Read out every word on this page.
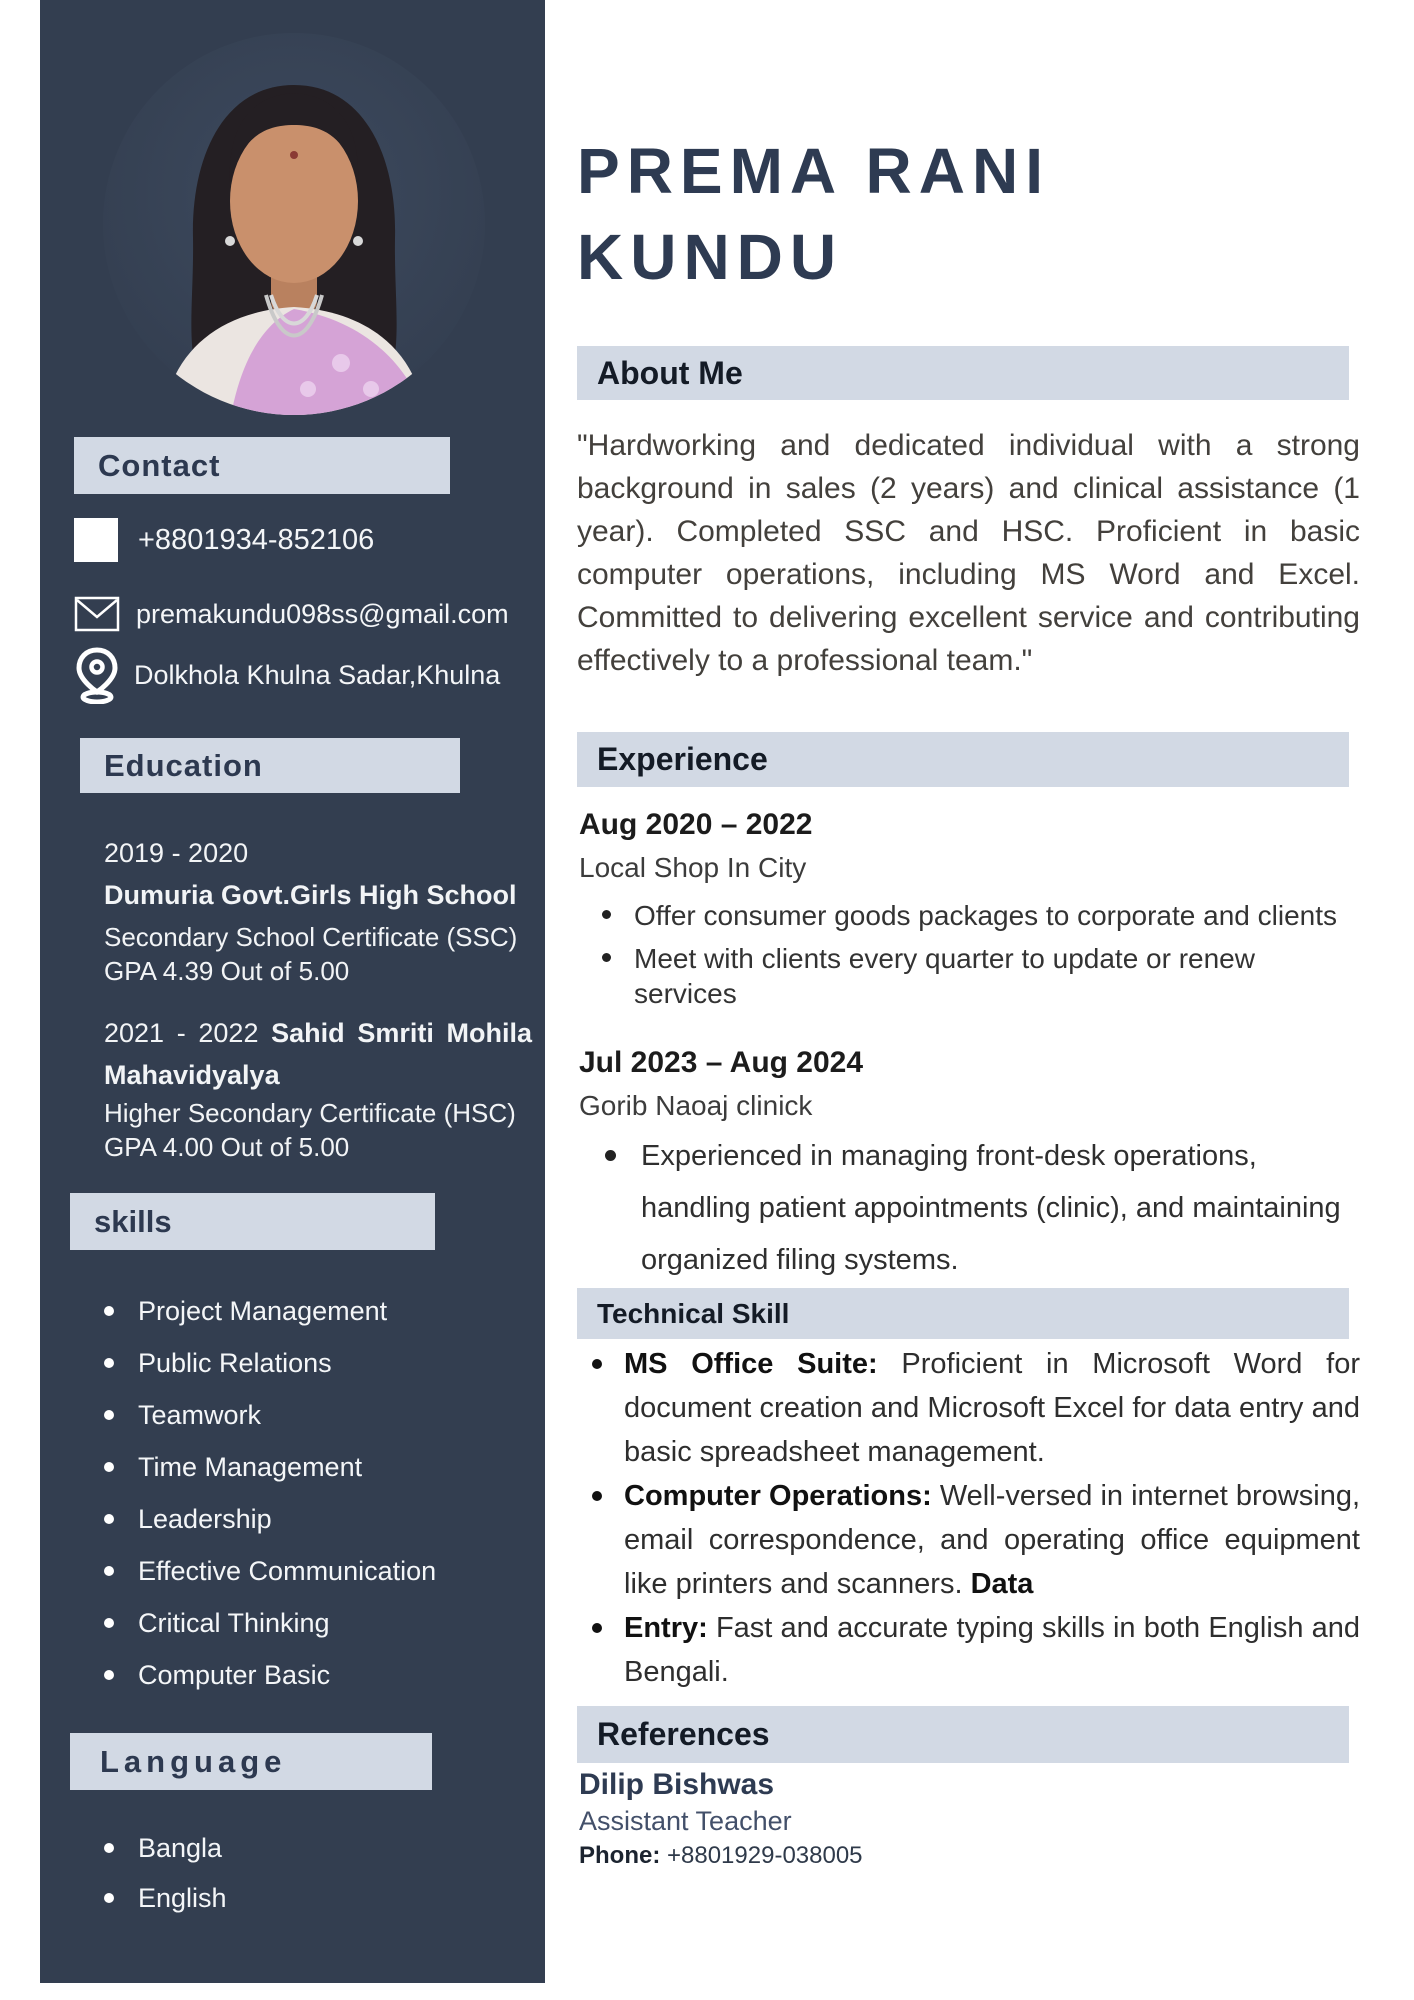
Contact
+8801934-852106
premakundu098ss@gmail.com
Dolkhola Khulna Sadar,Khulna
Education
2019 - 2020
Dumuria Govt.Girls High School
Secondary School Certificate (SSC)
GPA 4.39 Out of 5.00
2021 - 2022 Sahid Smriti Mohila Mahavidyalya
Higher Secondary Certificate (HSC)
GPA 4.00 Out of 5.00
skills
Project Management
Public Relations
Teamwork
Time Management
Leadership
Effective Communication
Critical Thinking
Computer Basic
Language
Bangla
English
PREMA RANI
KUNDU
About Me

"Hardworking and dedicated individual with a strong background in sales (2 years) and clinical assistance (1 year). Completed SSC and HSC. Proficient in basic computer operations, including MS Word and Excel. Committed to delivering excellent service and contributing effectively to a professional team."

Experience
Aug 2020 – 2022
Local Shop In City
Offer consumer goods packages to corporate and clients
Meet with clients every quarter to update or renew services
Jul 2023 – Aug 2024
Gorib Naoaj clinick
Experienced in managing front-desk operations, handling patient appointments (clinic), and maintaining organized filing systems.
Technical Skill
MS Office Suite: Proficient in Microsoft Word for document creation and Microsoft Excel for data entry and basic spreadsheet management.
Computer Operations: Well-versed in internet browsing, email correspondence, and operating office equipment like printers and scanners. Data
Entry: Fast and accurate typing skills in both English and Bengali.
References
Dilip Bishwas
Assistant Teacher
Phone: +8801929-038005
